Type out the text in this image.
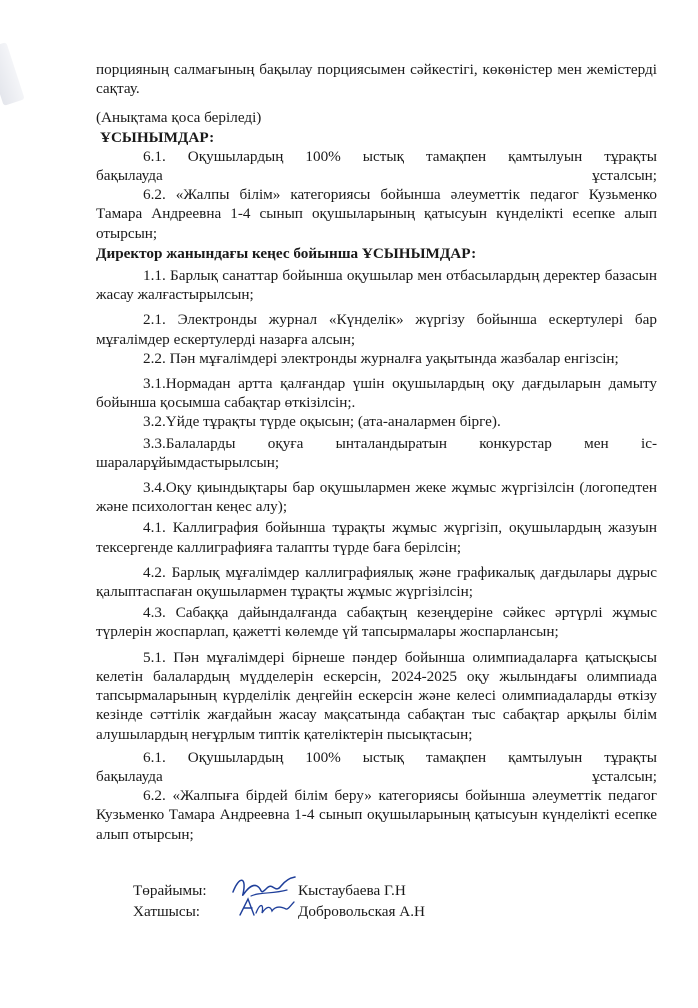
порцияның салмағының бақылау порциясымен сәйкестігі, көкөністер мен жемістерді сақтау.

(Анықтама қоса беріледі)

ҰСЫНЫМДАР:

6.1. Оқушылардың 100% ыстық тамақпен қамтылуын тұрақты

бақылауда	ұсталсын;

6.2. «Жалпы білім» категориясы бойынша әлеуметтік педагог Кузьменко Тамара Андреевна 1-4 сынып оқушыларының қатысуын күнделікті есепке алып отырсын;

Директор жанындағы кеңес бойынша ҰСЫНЫМДАР:

1.1. Барлық санаттар бойынша оқушылар мен отбасылардың деректер базасын жасау жалғастырылсын;

2.1. Электронды журнал «Күнделік» жүргізу бойынша ескертулері бар мұғалімдер ескертулерді назарға алсын;

2.2. Пән мұғалімдері электронды журналға уақытында жазбалар енгізсін;

3.1.Нормадан артта қалғандар үшін оқушылардың оқу дағдыларын дамыту бойынша қосымша сабақтар өткізілсін;.

3.2.Үйде тұрақты түрде оқысын; (ата-аналармен бірге).

3.3.Балаларды оқуға ынталандыратын конкурстар мен іс-шараларұйымдастырылсын;

3.4.Оқу қиындықтары бар оқушылармен жеке жұмыс жүргізілсін (логопедтен және психологтан кеңес алу);

4.1. Каллиграфия бойынша тұрақты жұмыс жүргізіп, оқушылардың жазуын тексергенде каллиграфияға талапты түрде баға берілсін;

4.2. Барлық мұғалімдер каллиграфиялық және графикалық дағдылары дұрыс қалыптаспаған оқушылармен тұрақты жұмыс жүргізілсін;

4.3. Сабаққа дайындалғанда сабақтың кезеңдеріне сәйкес әртүрлі жұмыс түрлерін жоспарлап, қажетті көлемде үй тапсырмалары жоспарлансын;

5.1. Пән мұғалімдері бірнеше пәндер бойынша олимпиадаларға қатысқысы келетін балалардың мүдделерін ескерсін, 2024-2025 оқу жылындағы олимпиада тапсырмаларының күрделілік деңгейін ескерсін және келесі олимпиадаларды өткізу кезінде сәттілік жағдайын жасау мақсатында сабақтан тыс сабақтар арқылы білім алушылардың неғұрлым типтік қателіктерін пысықтасын;

6.1. Оқушылардың 100% ыстық тамақпен қамтылуын тұрақты

бақылауда	ұсталсын;

6.2. «Жалпыға бірдей білім беру» категориясы бойынша әлеуметтік педагог Кузьменко Тамара Андреевна 1-4 сынып оқушыларының қатысуын күнделікті есепке алып отырсын;

Төрайымы:	Кыстаубаева Г.Н
Хатшысы:	Добровольская А.Н
